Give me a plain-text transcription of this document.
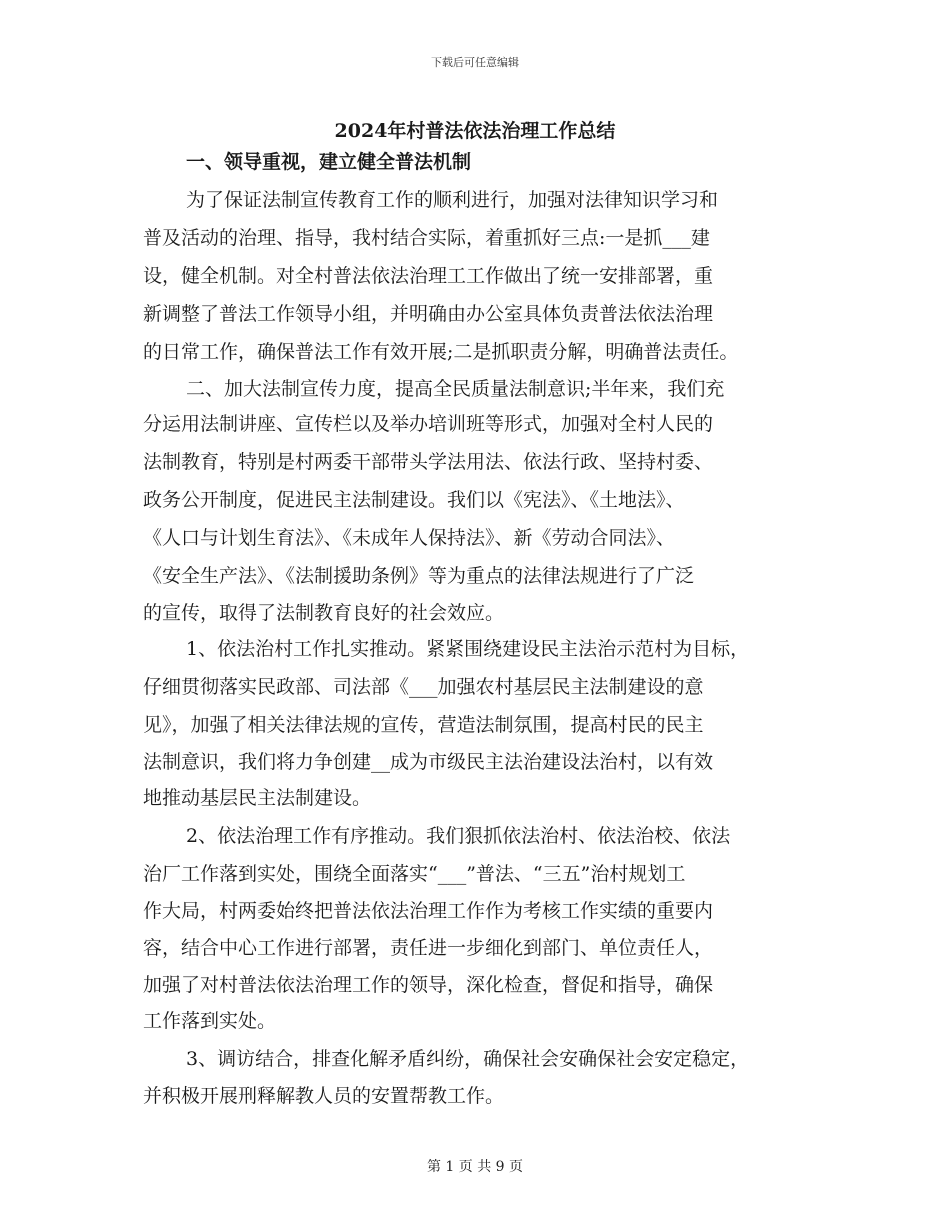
下载后可任意编辑
2024年村普法依法治理工作总结
一、领导重视，建立健全普法机制
为了保证法制宣传教育工作的顺利进行，加强对法律知识学习和
普及活动的治理、指导，我村结合实际，着重抓好三点:一是抓___建
设，健全机制。对全村普法依法治理工工作做出了统一安排部署，重
新调整了普法工作领导小组，并明确由办公室具体负责普法依法治理
的日常工作，确保普法工作有效开展;二是抓职责分解，明确普法责任。
二、加大法制宣传力度，提高全民质量法制意识;半年来，我们充
分运用法制讲座、宣传栏以及举办培训班等形式，加强对全村人民的
法制教育，特别是村两委干部带头学法用法、依法行政、坚持村委、
政务公开制度，促进民主法制建设。我们以《宪法》、《土地法》、
《人口与计划生育法》、《未成年人保持法》、新《劳动合同法》、
《安全生产法》、《法制援助条例》等为重点的法律法规进行了广泛
的宣传，取得了法制教育良好的社会效应。
1、依法治村工作扎实推动。紧紧围绕建设民主法治示范村为目标，
仔细贯彻落实民政部、司法部《___加强农村基层民主法制建设的意
见》，加强了相关法律法规的宣传，营造法制氛围，提高村民的民主
法制意识，我们将力争创建__成为市级民主法治建设法治村，以有效
地推动基层民主法制建设。
2、依法治理工作有序推动。我们狠抓依法治村、依法治校、依法
治厂工作落到实处，围绕全面落实“___”普法、“三五”治村规划工
作大局，村两委始终把普法依法治理工作作为考核工作实绩的重要内
容，结合中心工作进行部署，责任进一步细化到部门、单位责任人，
加强了对村普法依法治理工作的领导，深化检查，督促和指导，确保
工作落到实处。
3、调访结合，排查化解矛盾纠纷，确保社会安确保社会安定稳定，
并积极开展刑释解教人员的安置帮教工作。
第 1 页 共 9 页
